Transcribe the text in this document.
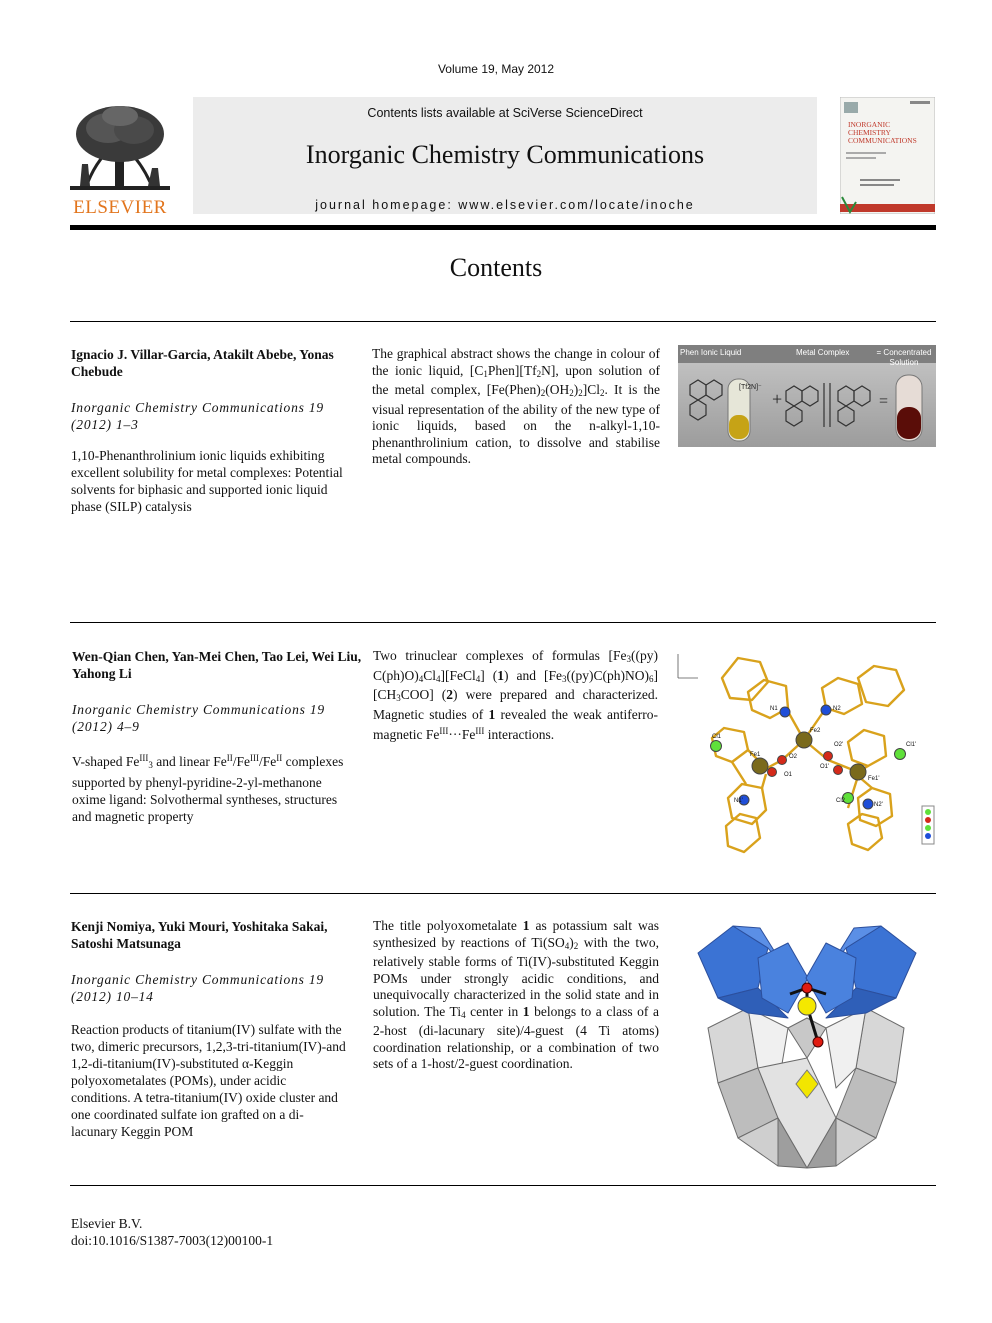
Volume 19, May 2012
ELSEVIER
Contents lists available at SciVerse ScienceDirect
Inorganic Chemistry Communications
journal homepage: www.elsevier.com/locate/inoche
INORGANIC CHEMISTRY COMMUNICATIONS
Contents
Ignacio J. Villar-Garcia, Atakilt Abebe, Yonas Chebude
Inorganic Chemistry Communications 19 (2012) 1–3
1,10-Phenanthrolinium ionic liquids exhibiting excellent solubility for metal complexes: Potential solvents for biphasic and supported ionic liquid phase (SILP) catalysis
The graphical abstract shows the change in colour of the ionic liquid, $[C_1Phen][Tf_2N]$, upon solution of the metal complex, $[Fe(Phen)_2(OH_2)_2]Cl_2$. It is the visual representation of the ability of the new type of ionic liquids, based on the n-alkyl-1,10-phenanthrolinium cation, to dissolve and stabilise metal compounds.
+	=
Phen Ionic Liquid	Metal Complex	= Concentrated Solution
[Tf2N]⁻
Wen-Qian Chen, Yan-Mei Chen, Tao Lei, Wei Liu, Yahong Li
Inorganic Chemistry Communications 19 (2012) 4–9
V-shaped $Fe^{III}_3$ and linear $Fe^{II}/Fe^{III}/Fe^{II}$ complexes supported by phenyl-pyridine-2-yl-methanone oxime ligand: Solvothermal syntheses, structures and magnetic property
Two trinuclear complexes of formulas [$Fe_3((py)$ $C(ph)O)_4Cl_4][FeCl_4]$ (1) and $[Fe_3((py)C(ph)NO)_6]$ $[CH_3COO]$ (2) were prepared and characterized. Magnetic studies of 1 revealed the weak antiferro-magnetic $Fe^{III}\cdot\cdot\cdot Fe^{III}$ interactions.
N1	N2
Fe1
Fe2
Fe1'
O1
O1'
O2
O2'
Cl1
Cl1'
N1'
N2'
Cl2
Kenji Nomiya, Yuki Mouri, Yoshitaka Sakai, Satoshi Matsunaga
Inorganic Chemistry Communications 19 (2012) 10–14
Reaction products of titanium(IV) sulfate with the two, dimeric precursors, 1,2,3-tri-titanium(IV)-and 1,2-di-titanium(IV)-substituted α-Keggin polyoxometalates (POMs), under acidic conditions. A tetra-titanium(IV) oxide cluster and one coordinated sulfate ion grafted on a di-lacunary Keggin POM
The title polyoxometalate 1 as potassium salt was synthesized by reactions of $Ti(SO_4)_2$ with the two, relatively stable forms of Ti(IV)-substituted Keggin POMs under strongly acidic conditions, and unequivocally characterized in the solid state and in solution. The $Ti_4$ center in 1 belongs to a class of a 2-host (di-lacunary site)/4-guest (4 Ti atoms) coordination relationship, or a combination of two sets of a 1-host/2-guest coordination.
Elsevier B.V.
doi:10.1016/S1387-7003(12)00100-1
